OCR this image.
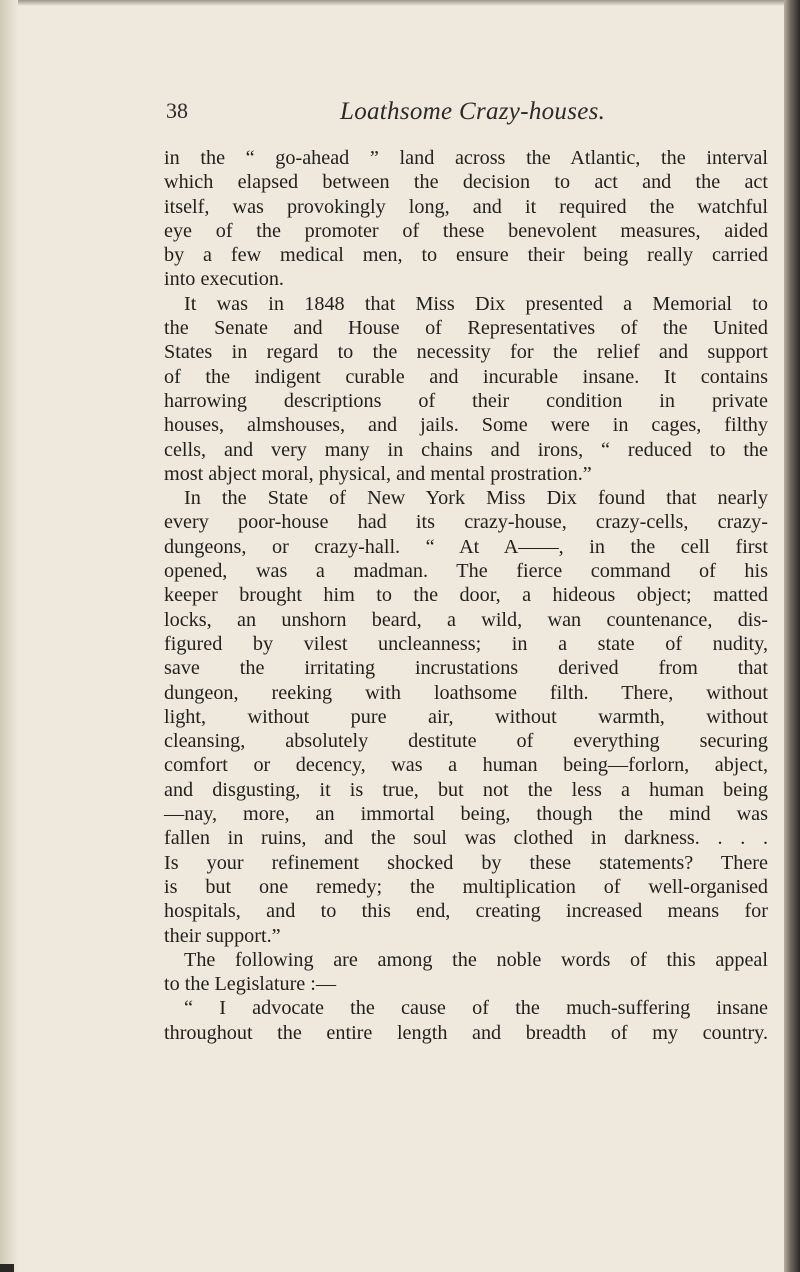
38	Loathsome Crazy-houses.
in the “ go-ahead ” land across the Atlantic, the interval
which elapsed between the decision to act and the act
itself, was provokingly long, and it required the watchful
eye of the promoter of these benevolent measures, aided
by a few medical men, to ensure their being really carried
into execution.
It was in 1848 that Miss Dix presented a Memorial to
the Senate and House of Representatives of the United
States in regard to the necessity for the relief and support
of the indigent curable and incurable insane. It contains
harrowing descriptions of their condition in private
houses, almshouses, and jails. Some were in cages, filthy
cells, and very many in chains and irons, “ reduced to the
most abject moral, physical, and mental prostration.”
In the State of New York Miss Dix found that nearly
every poor-house had its crazy-house, crazy-cells, crazy-
dungeons, or crazy-hall. “ At A——, in the cell first
opened, was a madman. The fierce command of his
keeper brought him to the door, a hideous object; matted
locks, an unshorn beard, a wild, wan countenance, dis-
figured by vilest uncleanness; in a state of nudity,
save the irritating incrustations derived from that
dungeon, reeking with loathsome filth. There, without
light, without pure air, without warmth, without
cleansing, absolutely destitute of everything securing
comfort or decency, was a human being—forlorn, abject,
and disgusting, it is true, but not the less a human being
—nay, more, an immortal being, though the mind was
fallen in ruins, and the soul was clothed in darkness. . . .
Is your refinement shocked by these statements? There
is but one remedy; the multiplication of well-organised
hospitals, and to this end, creating increased means for
their support.”
The following are among the noble words of this appeal
to the Legislature :—
“ I advocate the cause of the much-suffering insane
throughout the entire length and breadth of my country.
